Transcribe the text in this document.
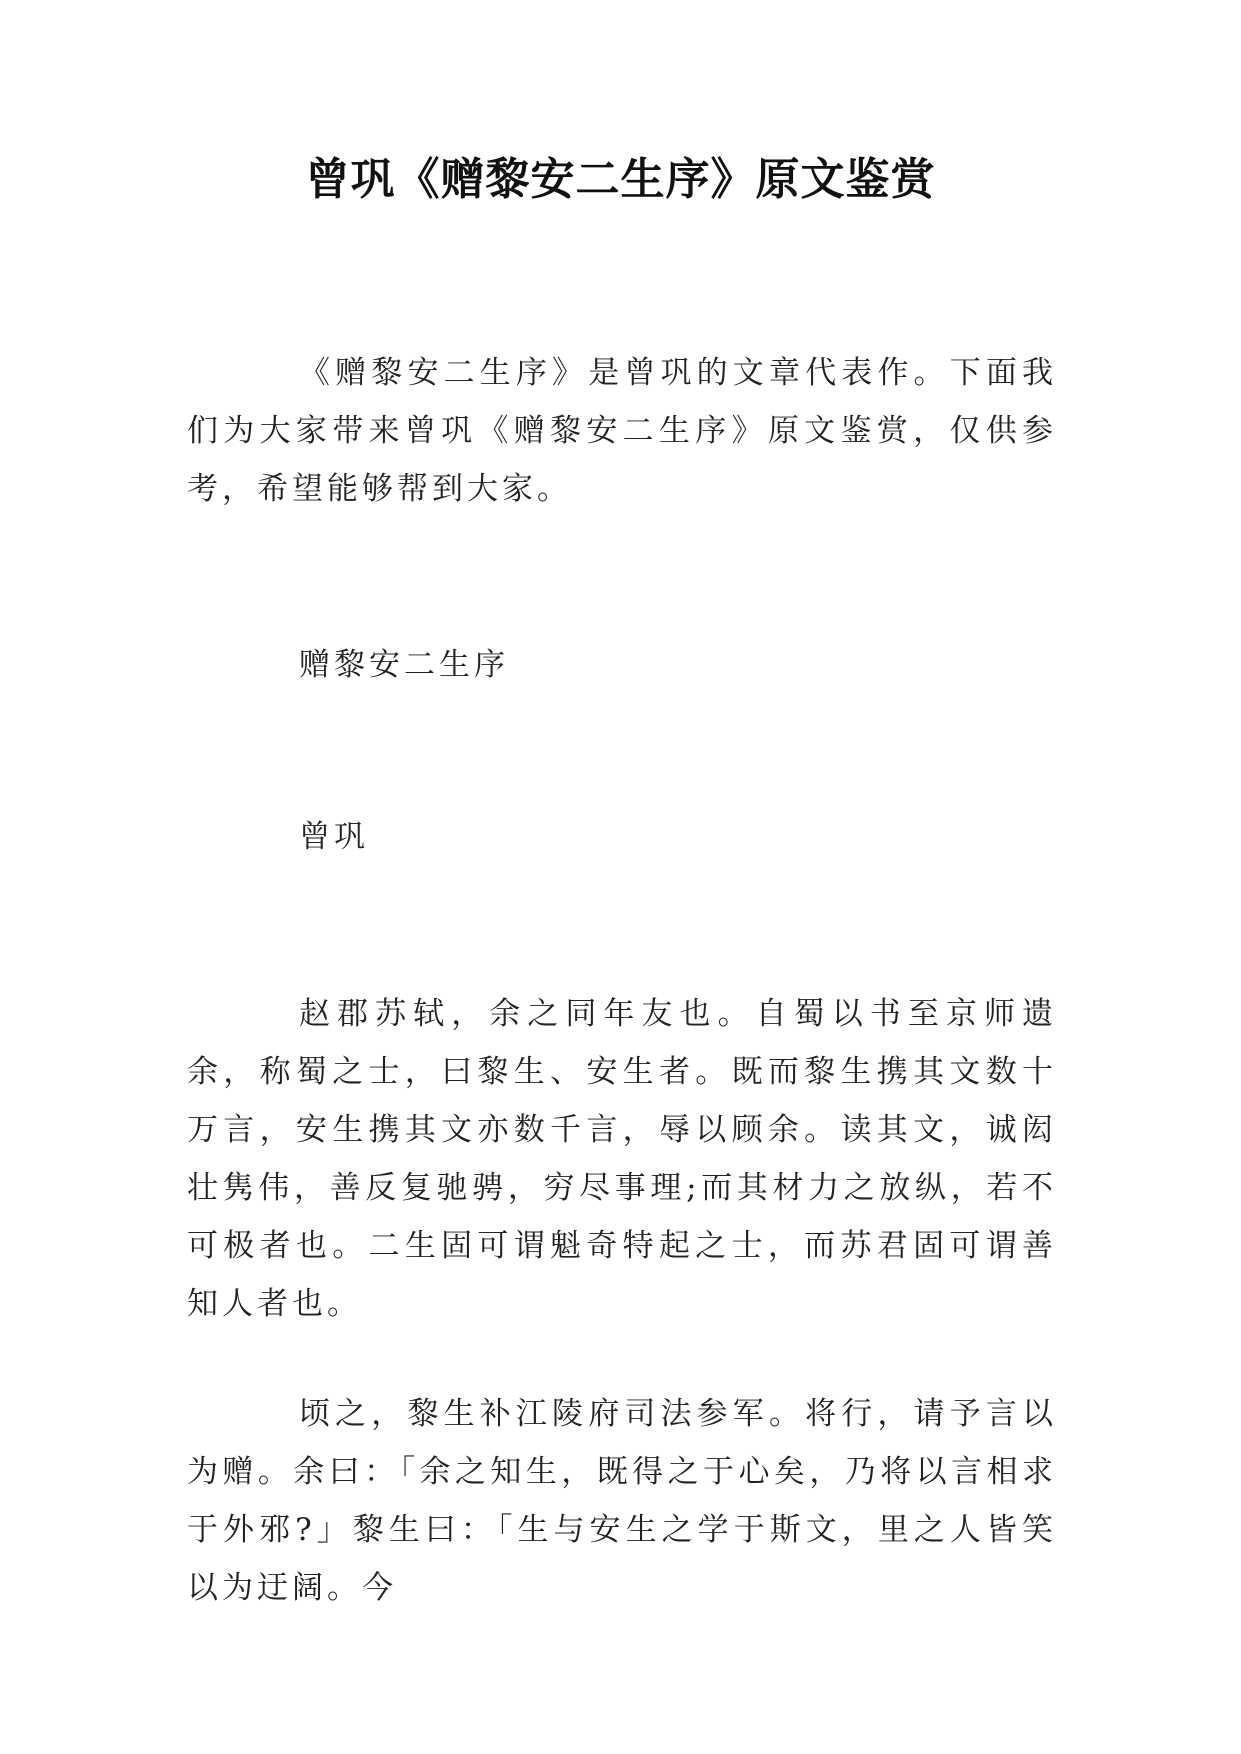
曾巩《赠黎安二生序》原文鉴赏

《赠黎安二生序》是曾巩的文章代表作。下面我们为大家带来曾巩《赠黎安二生序》原文鉴赏，仅供参考，希望能够帮到大家。

赠黎安二生序

曾巩

赵郡苏轼，余之同年友也。自蜀以书至京师遗余，称蜀之士，曰黎生、安生者。既而黎生携其文数十万言，安生携其文亦数千言，辱以顾余。读其文，诚闳壮隽伟，善反复驰骋，穷尽事理;而其材力之放纵，若不可极者也。二生固可谓魁奇特起之士，而苏君固可谓善知人者也。

顷之，黎生补江陵府司法参军。将行，请予言以为赠。余曰：「余之知生，既得之于心矣，乃将以言相求于外邪?」黎生曰：「生与安生之学于斯文，里之人皆笑以为迂阔。今
